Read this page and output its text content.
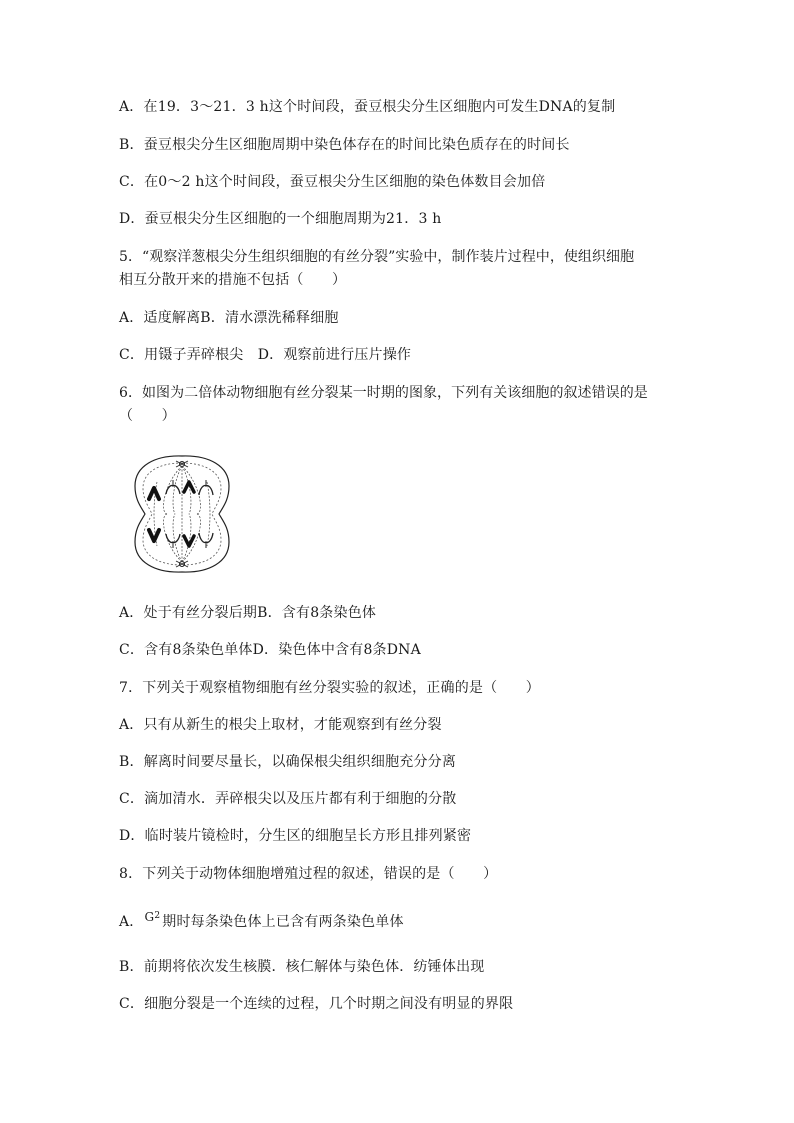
A．在19．3～21．3 h这个时间段，蚕豆根尖分生区细胞内可发生DNA的复制
B．蚕豆根尖分生区细胞周期中染色体存在的时间比染色质存在的时间长
C．在0～2 h这个时间段，蚕豆根尖分生区细胞的染色体数目会加倍
D．蚕豆根尖分生区细胞的一个细胞周期为21．3 h
5．“观察洋葱根尖分生组织细胞的有丝分裂”实验中，制作装片过程中，使组织细胞
相互分散开来的措施不包括（　　）
A．适度解离B．清水漂洗稀释细胞
C．用镊子弄碎根尖　D．观察前进行压片操作
6．如图为二倍体动物细胞有丝分裂某一时期的图象，下列有关该细胞的叙述错误的是
（　　）
A．处于有丝分裂后期B．含有8条染色体
C．含有8条染色单体D．染色体中含有8条DNA
7．下列关于观察植物细胞有丝分裂实验的叙述，正确的是（　　）
A．只有从新生的根尖上取材，才能观察到有丝分裂
B．解离时间要尽量长，以确保根尖组织细胞充分分离
C．滴加清水．弄碎根尖以及压片都有利于细胞的分散
D．临时装片镜检时，分生区的细胞呈长方形且排列紧密
8．下列关于动物体细胞增殖过程的叙述，错误的是（　　）
A．$G^2$ 期时每条染色体上已含有两条染色单体
B．前期将依次发生核膜．核仁解体与染色体．纺锤体出现
C．细胞分裂是一个连续的过程，几个时期之间没有明显的界限
